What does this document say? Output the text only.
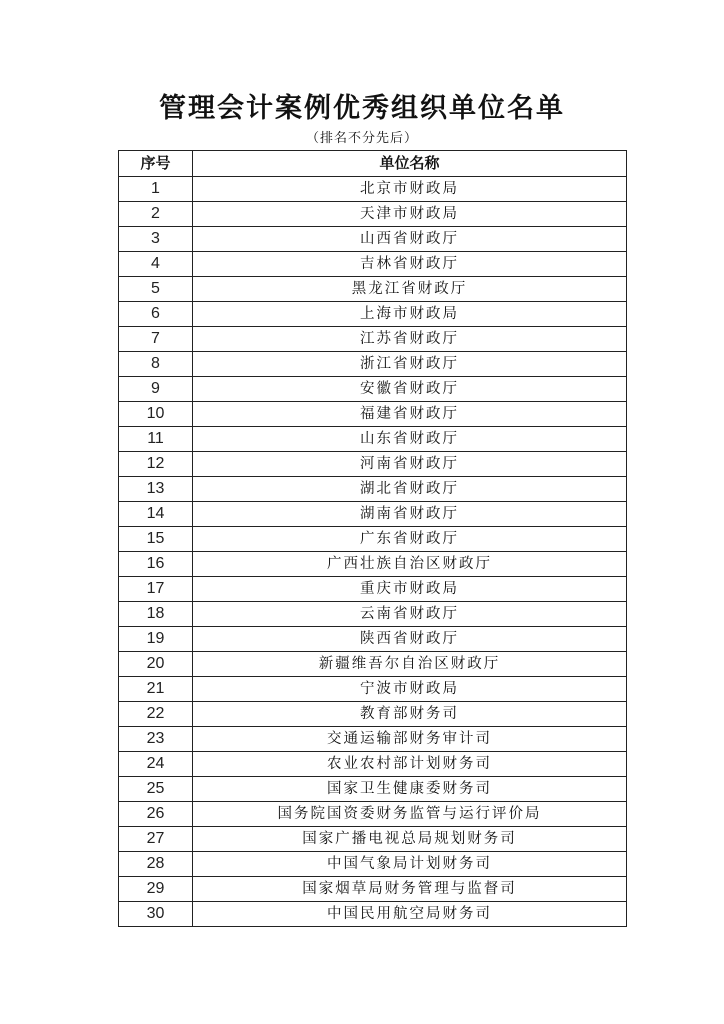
管理会计案例优秀组织单位名单
（排名不分先后）
序号	单位名称
1	北京市财政局
2	天津市财政局
3	山西省财政厅
4	吉林省财政厅
5	黑龙江省财政厅
6	上海市财政局
7	江苏省财政厅
8	浙江省财政厅
9	安徽省财政厅
10	福建省财政厅
11	山东省财政厅
12	河南省财政厅
13	湖北省财政厅
14	湖南省财政厅
15	广东省财政厅
16	广西壮族自治区财政厅
17	重庆市财政局
18	云南省财政厅
19	陕西省财政厅
20	新疆维吾尔自治区财政厅
21	宁波市财政局
22	教育部财务司
23	交通运输部财务审计司
24	农业农村部计划财务司
25	国家卫生健康委财务司
26	国务院国资委财务监管与运行评价局
27	国家广播电视总局规划财务司
28	中国气象局计划财务司
29	国家烟草局财务管理与监督司
30	中国民用航空局财务司
